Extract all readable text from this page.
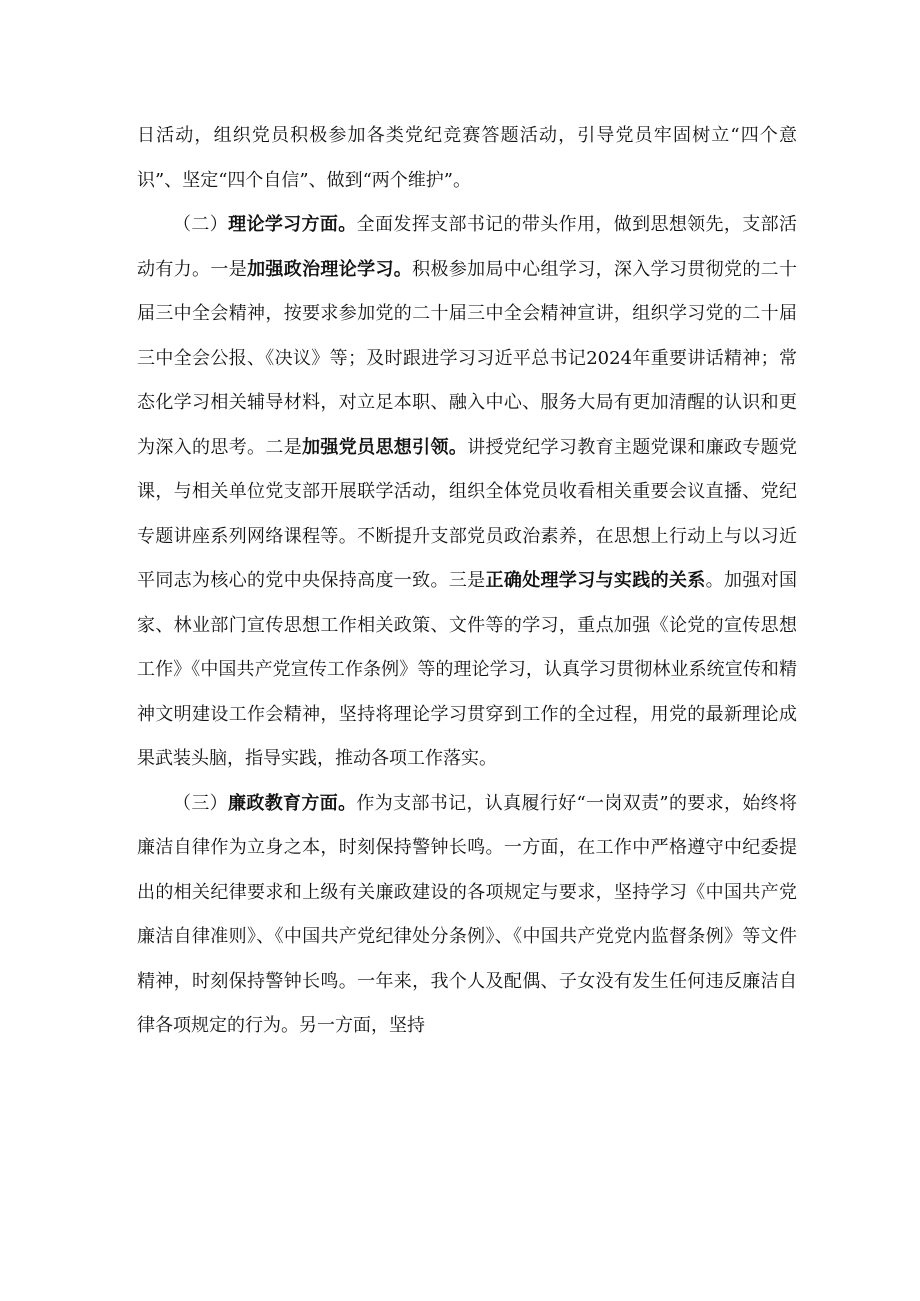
日活动，组织党员积极参加各类党纪竞赛答题活动，引导党员牢固树立“四个意识”、坚定“四个自信”、做到“两个维护”。

（二）理论学习方面。全面发挥支部书记的带头作用，做到思想领先，支部活动有力。一是加强政治理论学习。积极参加局中心组学习，深入学习贯彻党的二十届三中全会精神，按要求参加党的二十届三中全会精神宣讲，组织学习党的二十届三中全会公报、《决议》等；及时跟进学习习近平总书记2024年重要讲话精神；常态化学习相关辅导材料，对立足本职、融入中心、服务大局有更加清醒的认识和更为深入的思考。二是加强党员思想引领。讲授党纪学习教育主题党课和廉政专题党课，与相关单位党支部开展联学活动，组织全体党员收看相关重要会议直播、党纪专题讲座系列网络课程等。不断提升支部党员政治素养，在思想上行动上与以习近平同志为核心的党中央保持高度一致。三是正确处理学习与实践的关系。加强对国家、林业部门宣传思想工作相关政策、文件等的学习，重点加强《论党的宣传思想工作》《中国共产党宣传工作条例》等的理论学习，认真学习贯彻林业系统宣传和精神文明建设工作会精神，坚持将理论学习贯穿到工作的全过程，用党的最新理论成果武装头脑，指导实践，推动各项工作落实。

（三）廉政教育方面。作为支部书记，认真履行好“一岗双责”的要求，始终将廉洁自律作为立身之本，时刻保持警钟长鸣。一方面，在工作中严格遵守中纪委提出的相关纪律要求和上级有关廉政建设的各项规定与要求，坚持学习《中国共产党廉洁自律准则》、《中国共产党纪律处分条例》、《中国共产党党内监督条例》等文件精神，时刻保持警钟长鸣。一年来，我个人及配偶、子女没有发生任何违反廉洁自律各项规定的行为。另一方面，坚持
